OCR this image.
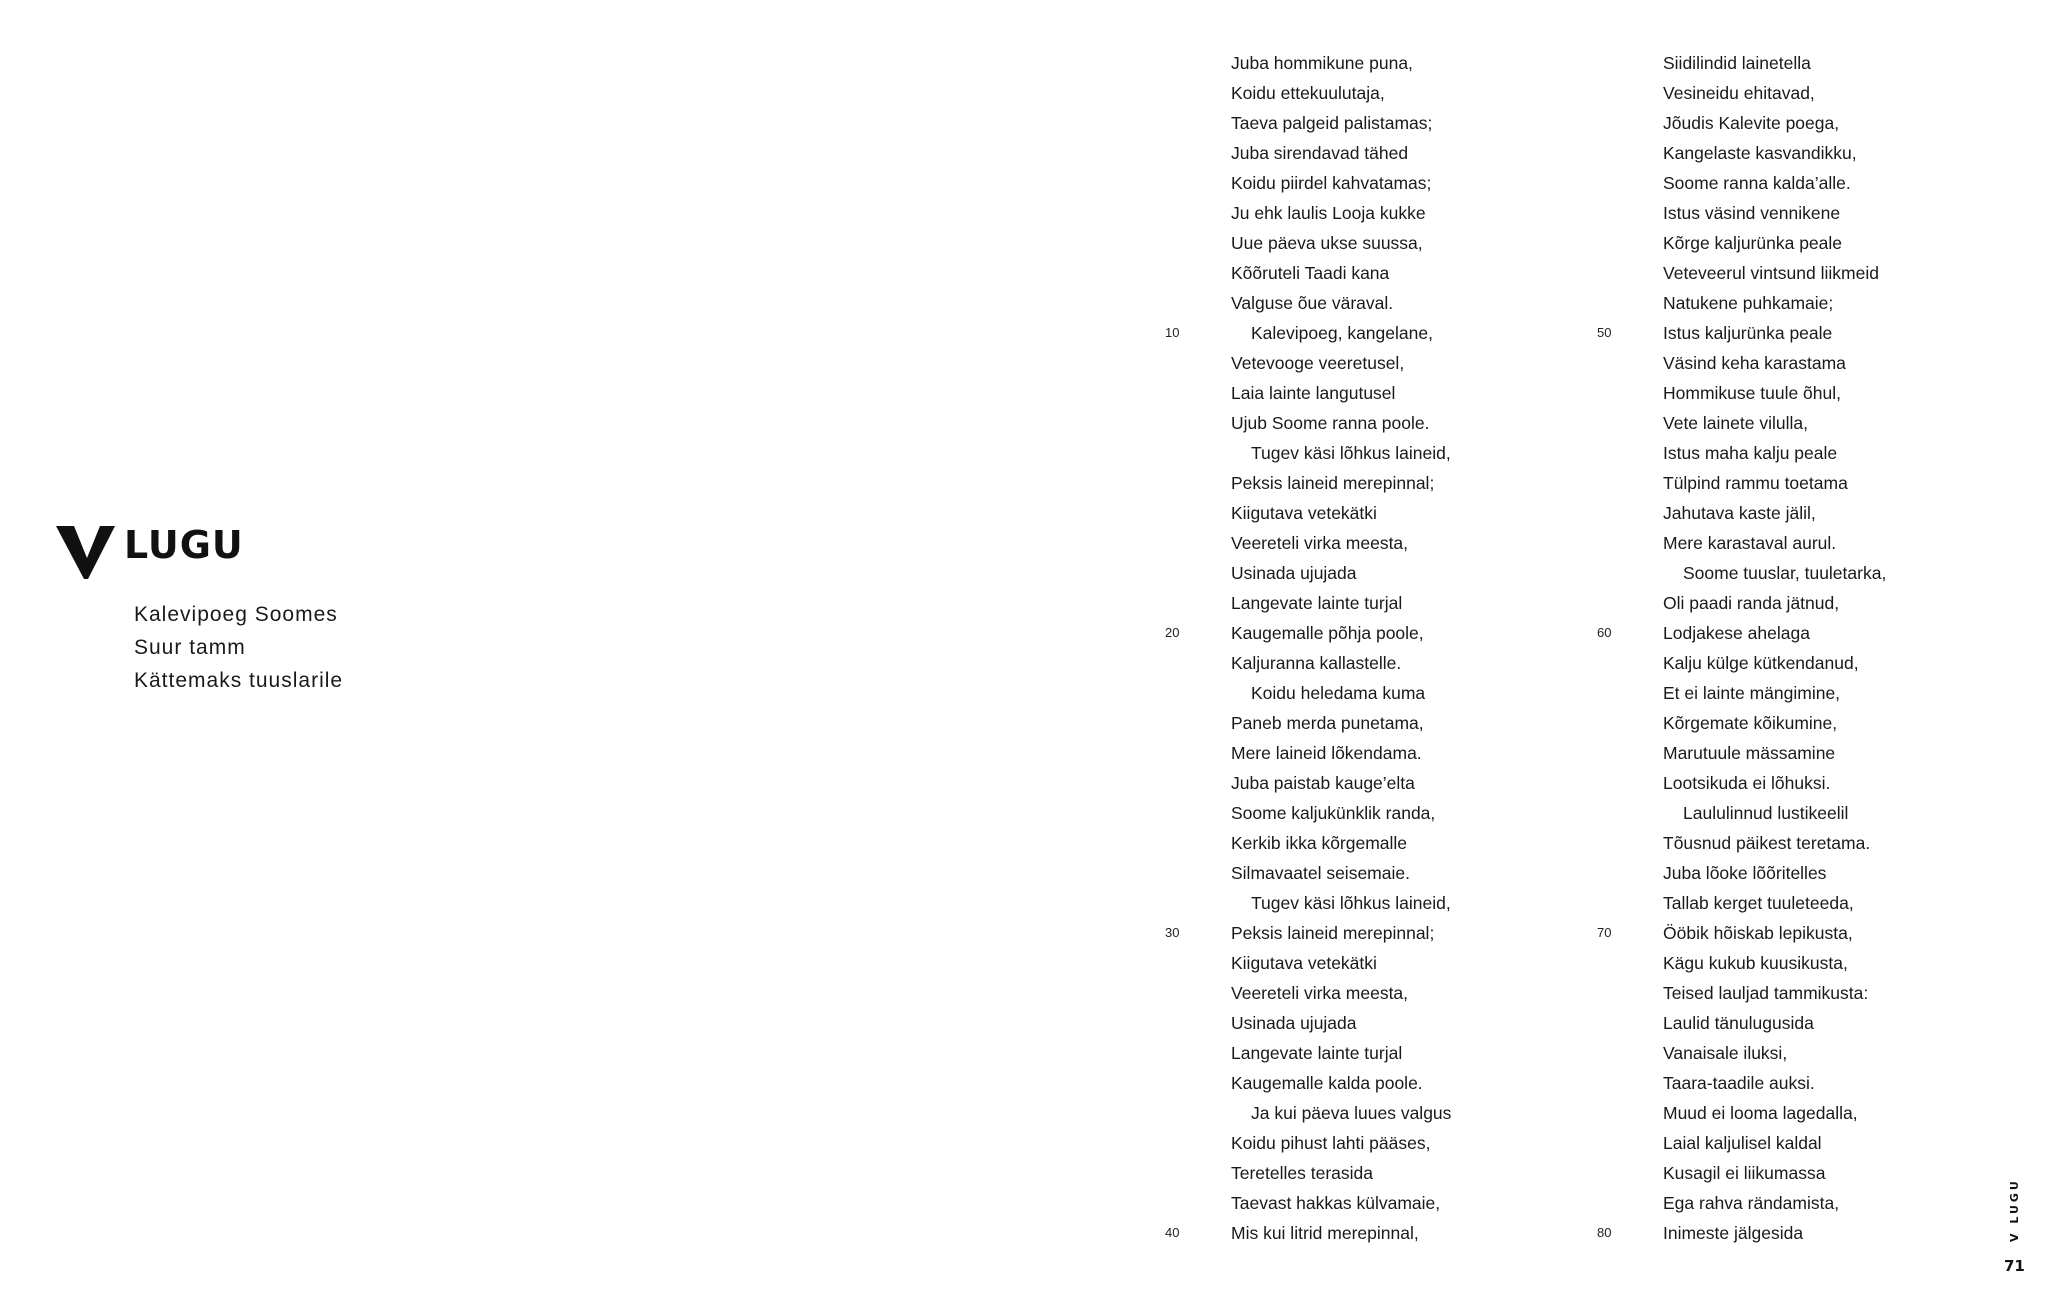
LUGU
Kalevipoeg Soomes
Suur tamm
Kättemaks tuuslarile
Juba hommikune puna,
Koidu ettekuulutaja,
Taeva palgeid palistamas;
Juba sirendavad tähed
Koidu piirdel kahvatamas;
Ju ehk laulis Looja kukke
Uue päeva ukse suussa,
Kõõruteli Taadi kana
Valguse õue väraval.
10	Kalevipoeg, kangelane,
Vetevooge veeretusel,
Laia lainte langutusel
Ujub Soome ranna poole.
Tugev käsi lõhkus laineid,
Peksis laineid merepinnal;
Kiigutava vetekätki
Veereteli virka meesta,
Usinada ujujada
Langevate lainte turjal
20	Kaugemalle põhja poole,
Kaljuranna kallastelle.
Koidu heledama kuma
Paneb merda punetama,
Mere laineid lõkendama.
Juba paistab kauge’elta
Soome kaljukünklik randa,
Kerkib ikka kõrgemalle
Silmavaatel seisemaie.
Tugev käsi lõhkus laineid,
30	Peksis laineid merepinnal;
Kiigutava vetekätki
Veereteli virka meesta,
Usinada ujujada
Langevate lainte turjal
Kaugemalle kalda poole.
Ja kui päeva luues valgus
Koidu pihust lahti pääses,
Teretelles terasida
Taevast hakkas külvamaie,
40	Mis kui litrid merepinnal,
Siidilindid lainetella
Vesineidu ehitavad,
Jõudis Kalevite poega,
Kangelaste kasvandikku,
Soome ranna kalda’alle.
Istus väsind vennikene
Kõrge kaljurünka peale
Veteveerul vintsund liikmeid
Natukene puhkamaie;
50	Istus kaljurünka peale
Väsind keha karastama
Hommikuse tuule õhul,
Vete lainete vilulla,
Istus maha kalju peale
Tülpind rammu toetama
Jahutava kaste jälil,
Mere karastaval aurul.
Soome tuuslar, tuuletarka,
Oli paadi randa jätnud,
60	Lodjakese ahelaga
Kalju külge kütkendanud,
Et ei lainte mängimine,
Kõrgemate kõikumine,
Marutuule mässamine
Lootsikuda ei lõhuksi.
Laululinnud lustikeelil
Tõusnud päikest teretama.
Juba lõoke lõõritelles
Tallab kerget tuuleteeda,
70	Ööbik hõiskab lepikusta,
Kägu kukub kuusikusta,
Teised lauljad tammikusta:
Laulid tänulugusida
Vanaisale iluksi,
Taara-taadile auksi.
Muud ei looma lagedalla,
Laial kaljulisel kaldal
Kusagil ei liikumassa
Ega rahva rändamista,
80	Inimeste jälgesida	V LUGU
71
